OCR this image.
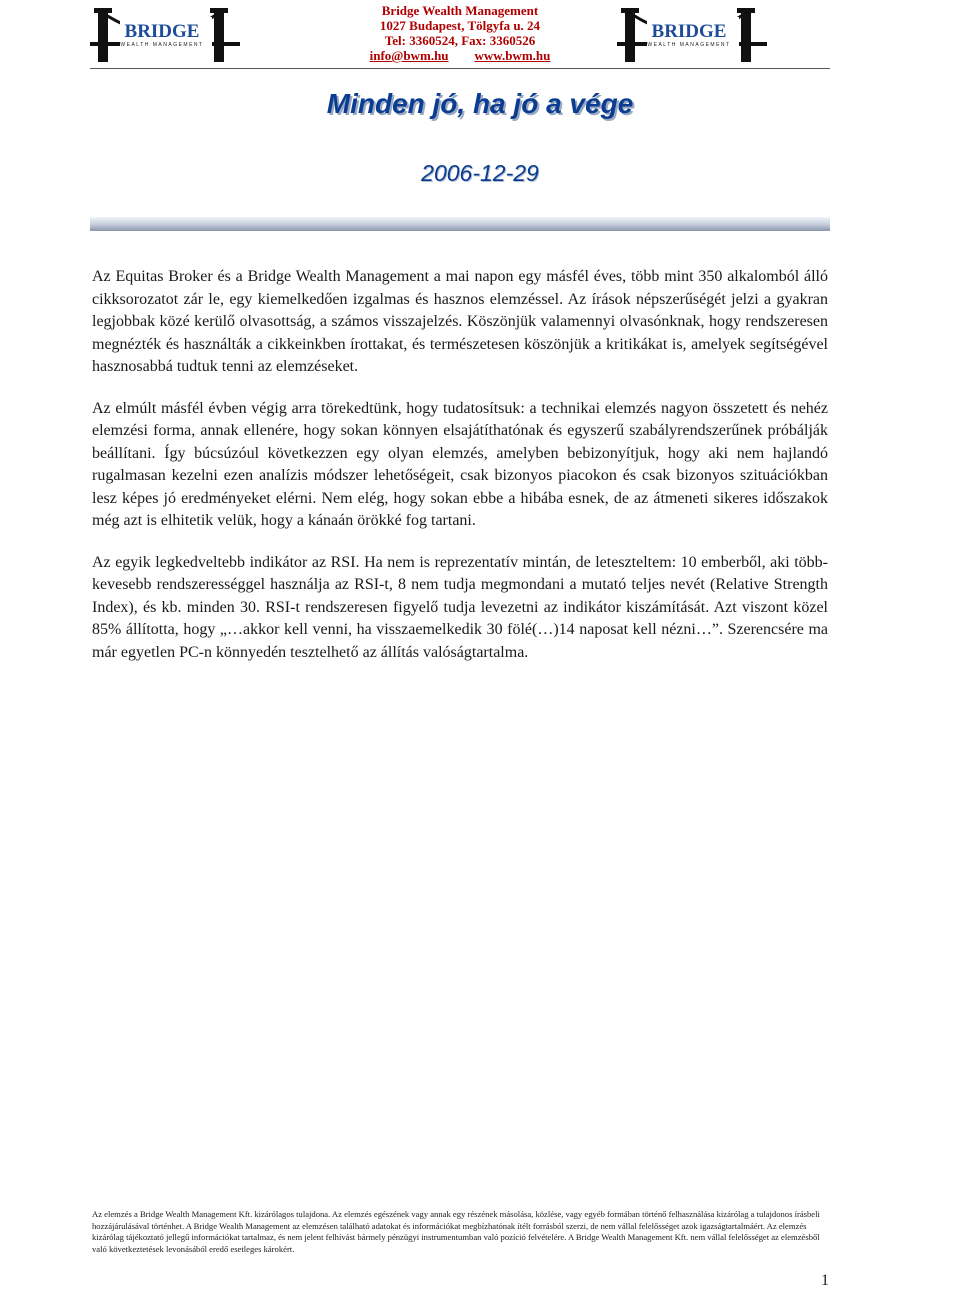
BRIDGE
WEALTH MANAGEMENT
Bridge Wealth Management
1027 Budapest, Tölgyfa u. 24
Tel: 3360524, Fax: 3360526
info@bwm.hu www.bwm.hu
BRIDGE
WEALTH MANAGEMENT
Minden jó, ha jó a vége
2006-12-29

Az Equitas Broker és a Bridge Wealth Management a mai napon egy másfél éves, több mint 350 alkalomból álló cikksorozatot zár le, egy kiemelkedően izgalmas és hasznos elemzéssel. Az írások népszerűségét jelzi a gyakran legjobbak közé kerülő olvasottság, a számos visszajelzés. Köszönjük valamennyi olvasónknak, hogy rendszeresen megnézték és használták a cikkeinkben írottakat, és természetesen köszönjük a kritikákat is, amelyek segítségével hasznosabbá tudtuk tenni az elemzéseket.

Az elmúlt másfél évben végig arra törekedtünk, hogy tudatosítsuk: a technikai elemzés nagyon összetett és nehéz elemzési forma, annak ellenére, hogy sokan könnyen elsajátíthatónak és egyszerű szabályrendszerűnek próbálják beállítani. Így búcsúzóul következzen egy olyan elemzés, amelyben bebizonyítjuk, hogy aki nem hajlandó rugalmasan kezelni ezen analízis módszer lehetőségeit, csak bizonyos piacokon és csak bizonyos szituációkban lesz képes jó eredményeket elérni. Nem elég, hogy sokan ebbe a hibába esnek, de az átmeneti sikeres időszakok még azt is elhitetik velük, hogy a kánaán örökké fog tartani.

Az egyik legkedveltebb indikátor az RSI. Ha nem is reprezentatív mintán, de leteszteltem: 10 emberből, aki több-kevesebb rendszerességgel használja az RSI-t, 8 nem tudja megmondani a mutató teljes nevét (Relative Strength Index), és kb. minden 30. RSI-t rendszeresen figyelő tudja levezetni az indikátor kiszámítását. Azt viszont közel 85% állította, hogy „…akkor kell venni, ha visszaemelkedik 30 fölé(…)14 naposat kell nézni…”. Szerencsére ma már egyetlen PC-n könnyedén tesztelhető az állítás valóságtartalma.

Az elemzés a Bridge Wealth Management Kft. kizárólagos tulajdona. Az elemzés egészének vagy annak egy részének másolása, közlése, vagy egyéb formában történő felhasználása kizárólag a tulajdonos írásbeli hozzájárulásával történhet. A Bridge Wealth Management az elemzésen található adatokat és információkat megbízhatónak ítélt forrásból szerzi, de nem vállal felelősséget azok igazságtartalmáért. Az elemzés kizárólag tájékoztató jellegű információkat tartalmaz, és nem jelent felhívást bármely pénzügyi instrumentumban való pozíció felvételére. A Bridge Wealth Management Kft. nem vállal felelősséget az elemzésből való következtetések levonásából eredő esetleges károkért.
1
